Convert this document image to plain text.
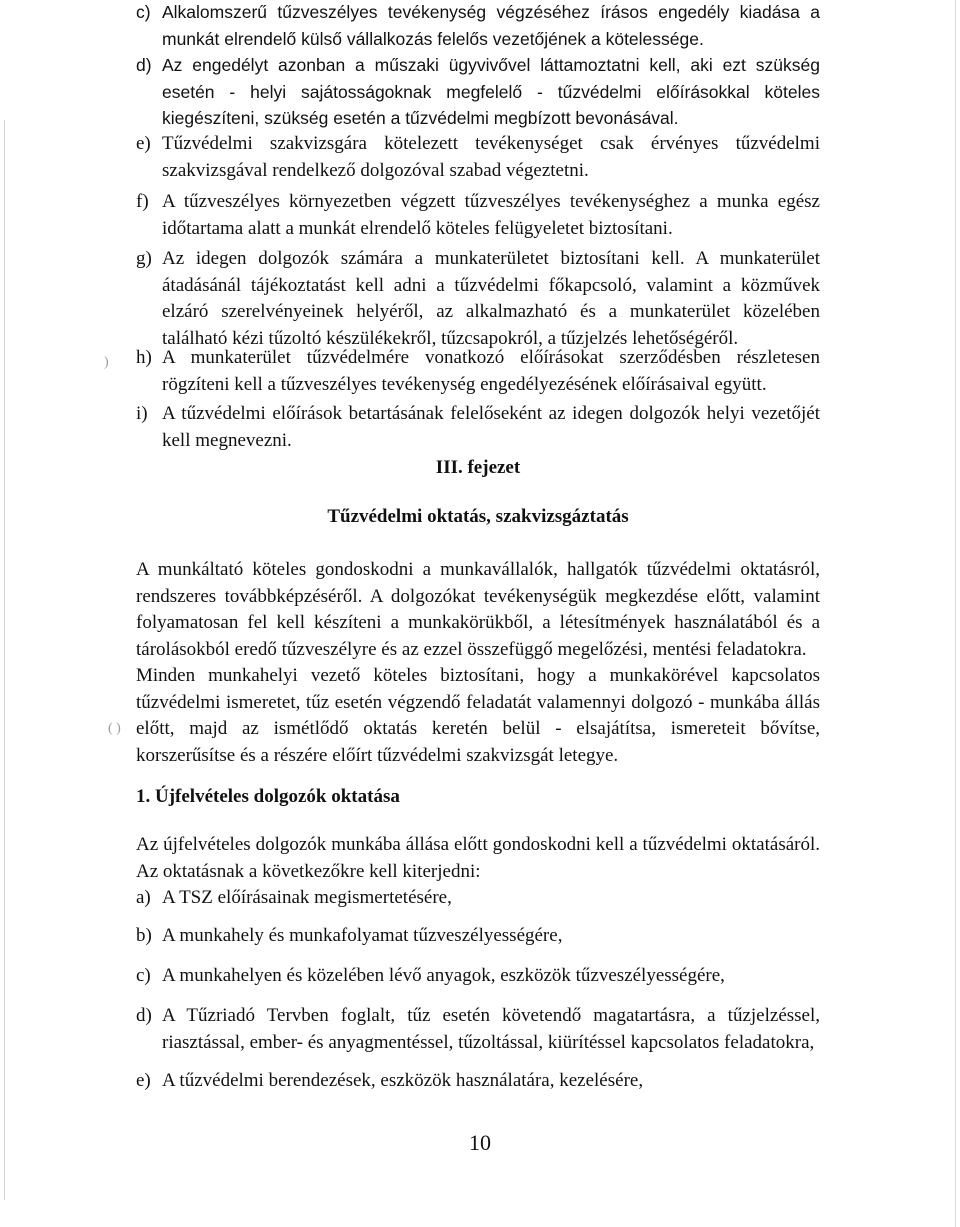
c) Alkalomszerű tűzveszélyes tevékenység végzéséhez írásos engedély kiadása a munkát elrendelő külső vállalkozás felelős vezetőjének a kötelessége.
d) Az engedélyt azonban a műszaki ügyvivővel láttamoztatni kell, aki ezt szükség esetén - helyi sajátosságoknak megfelelő - tűzvédelmi előírásokkal köteles kiegészíteni, szükség esetén a tűzvédelmi megbízott bevonásával.
e) Tűzvédelmi szakvizsgára kötelezett tevékenységet csak érvényes tűzvédelmi szakvizsgával rendelkező dolgozóval szabad végeztetni.
f) A tűzveszélyes környezetben végzett tűzveszélyes tevékenységhez a munka egész időtartama alatt a munkát elrendelő köteles felügyeletet biztosítani.
g) Az idegen dolgozók számára a munkaterületet biztosítani kell. A munkaterület átadásánál tájékoztatást kell adni a tűzvédelmi főkapcsoló, valamint a közművek elzáró szerelvényeinek helyéről, az alkalmazható és a munkaterület közelében található kézi tűzoltó készülékekről, tűzcsapokról, a tűzjelzés lehetőségéről.
h) A munkaterület tűzvédelmére vonatkozó előírásokat szerződésben részletesen rögzíteni kell a tűzveszélyes tevékenység engedélyezésének előírásaival együtt.
i) A tűzvédelmi előírások betartásának felelőseként az idegen dolgozók helyi vezetőjét kell megnevezni.
III. fejezet
Tűzvédelmi oktatás, szakvizsgáztatás
A munkáltató köteles gondoskodni a munkavállalók, hallgatók tűzvédelmi oktatásról, rendszeres továbbképzéséről. A dolgozókat tevékenységük megkezdése előtt, valamint folyamatosan fel kell készíteni a munkakörükből, a létesítmények használatából és a tárolásokból eredő tűzveszélyre és az ezzel összefüggő megelőzési, mentési feladatokra.
Minden munkahelyi vezető köteles biztosítani, hogy a munkakörével kapcsolatos tűzvédelmi ismeretet, tűz esetén végzendő feladatát valamennyi dolgozó - munkába állás előtt, majd az ismétlődő oktatás keretén belül - elsajátítsa, ismereteit bővítse, korszerűsítse és a részére előírt tűzvédelmi szakvizsgát letegye.
)
( )
1. Újfelvételes dolgozók oktatása
Az újfelvételes dolgozók munkába állása előtt gondoskodni kell a tűzvédelmi oktatásáról. Az oktatásnak a következőkre kell kiterjedni:
a) A TSZ előírásainak megismertetésére,
b) A munkahely és munkafolyamat tűzveszélyességére,
c) A munkahelyen és közelében lévő anyagok, eszközök tűzveszélyességére,
d) A Tűzriadó Tervben foglalt, tűz esetén követendő magatartásra, a tűzjelzéssel, riasztással, ember- és anyagmentéssel, tűzoltással, kiürítéssel kapcsolatos feladatokra,
e) A tűzvédelmi berendezések, eszközök használatára, kezelésére,
10
